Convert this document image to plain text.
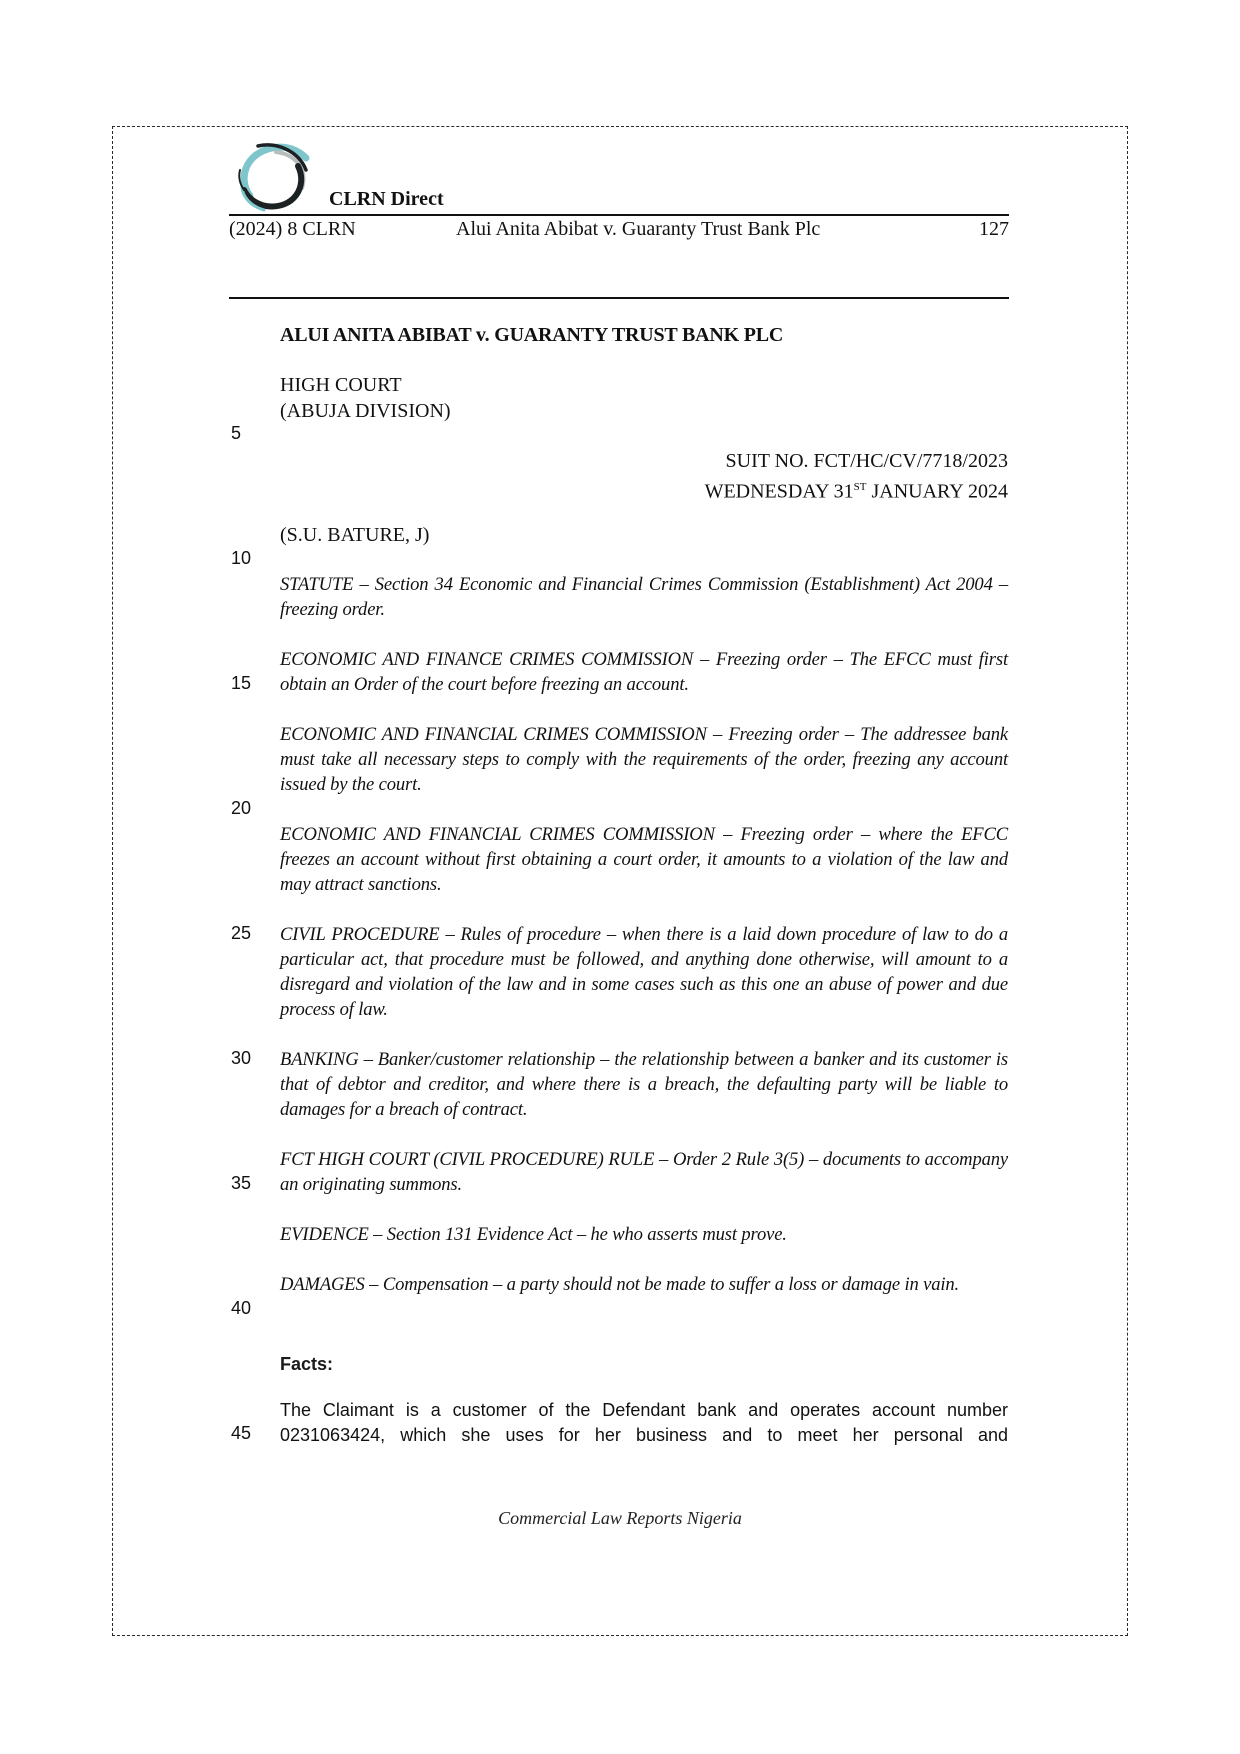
CLRN Direct
(2024) 8 CLRN	Alui Anita Abibat v. Guaranty Trust Bank Plc	127
ALUI ANITA ABIBAT v. GUARANTY TRUST BANK PLC
HIGH COURT
(ABUJA DIVISION)
SUIT NO. FCT/HC/CV/7718/2023
WEDNESDAY 31ST JANUARY 2024
(S.U. BATURE, J)
5
10
15
20
25
30
35
40
45
STATUTE – Section 34 Economic and Financial Crimes Commission (Establishment) Act 2004 – freezing order.
ECONOMIC AND FINANCE CRIMES COMMISSION – Freezing order – The EFCC must first obtain an Order of the court before freezing an account.
ECONOMIC AND FINANCIAL CRIMES COMMISSION – Freezing order – The addressee bank must take all necessary steps to comply with the requirements of the order, freezing any account issued by the court.
ECONOMIC AND FINANCIAL CRIMES COMMISSION – Freezing order – where the EFCC freezes an account without first obtaining a court order, it amounts to a violation of the law and may attract sanctions.
CIVIL PROCEDURE – Rules of procedure – when there is a laid down procedure of law to do a particular act, that procedure must be followed, and anything done otherwise, will amount to a disregard and violation of the law and in some cases such as this one an abuse of power and due process of law.
BANKING – Banker/customer relationship – the relationship between a banker and its customer is that of debtor and creditor, and where there is a breach, the defaulting party will be liable to damages for a breach of contract.
FCT HIGH COURT (CIVIL PROCEDURE) RULE – Order 2 Rule 3(5) – documents to accompany an originating summons.
EVIDENCE – Section 131 Evidence Act – he who asserts must prove.
DAMAGES – Compensation – a party should not be made to suffer a loss or damage in vain.
Facts:
The Claimant is a customer of the Defendant bank and operates account number 0231063424, which she uses for her business and to meet her personal and
Commercial Law Reports Nigeria
